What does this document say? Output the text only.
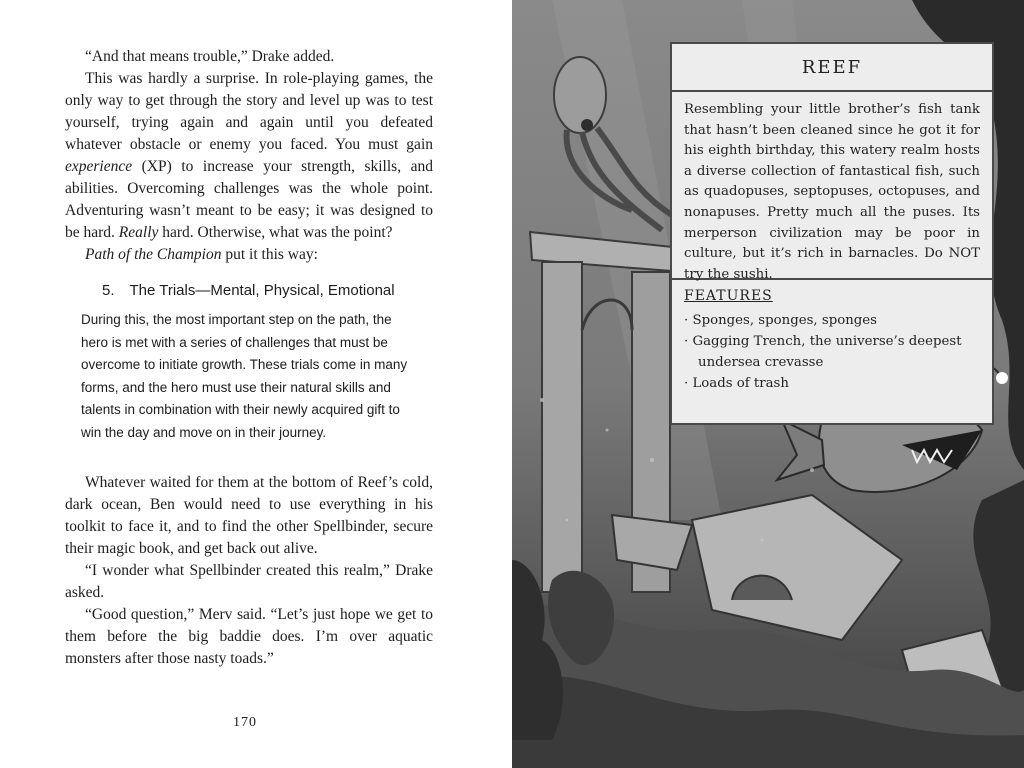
“And that means trouble,” Drake added.

This was hardly a surprise. In role-playing games, the only way to get through the story and level up was to test yourself, trying again and again until you defeated whatever obstacle or enemy you faced. You must gain experience (XP) to increase your strength, skills, and abilities. Overcoming challenges was the whole point. Adventuring wasn’t meant to be easy; it was designed to be hard. Really hard. Otherwise, what was the point?

Path of the Champion put it this way:

5. The Trials—Mental, Physical, Emotional
During this, the most important step on the path, the hero is met with a series of challenges that must be overcome to initiate growth. These trials come in many forms, and the hero must use their natural skills and talents in combination with their newly acquired gift to win the day and move on in their journey.

Whatever waited for them at the bottom of Reef’s cold, dark ocean, Ben would need to use everything in his toolkit to face it, and to find the other Spellbinder, secure their magic book, and get back out alive.

“I wonder what Spellbinder created this realm,” Drake asked.

“Good question,” Merv said. “Let’s just hope we get to them before the big baddie does. I’m over aquatic monsters after those nasty toads.”

170
REEF
Resembling your little brother’s fish tank that hasn’t been cleaned since he got it for his eighth birthday, this watery realm hosts a diverse collection of fantastical fish, such as quadopuses, septopuses, octopuses, and nonapuses. Pretty much all the puses. Its merperson civilization may be poor in culture, but it’s rich in barnacles. Do NOT try the sushi.
FEATURES
· Sponges, sponges, sponges
· Gagging Trench, the universe’s deepest
undersea crevasse
· Loads of trash
